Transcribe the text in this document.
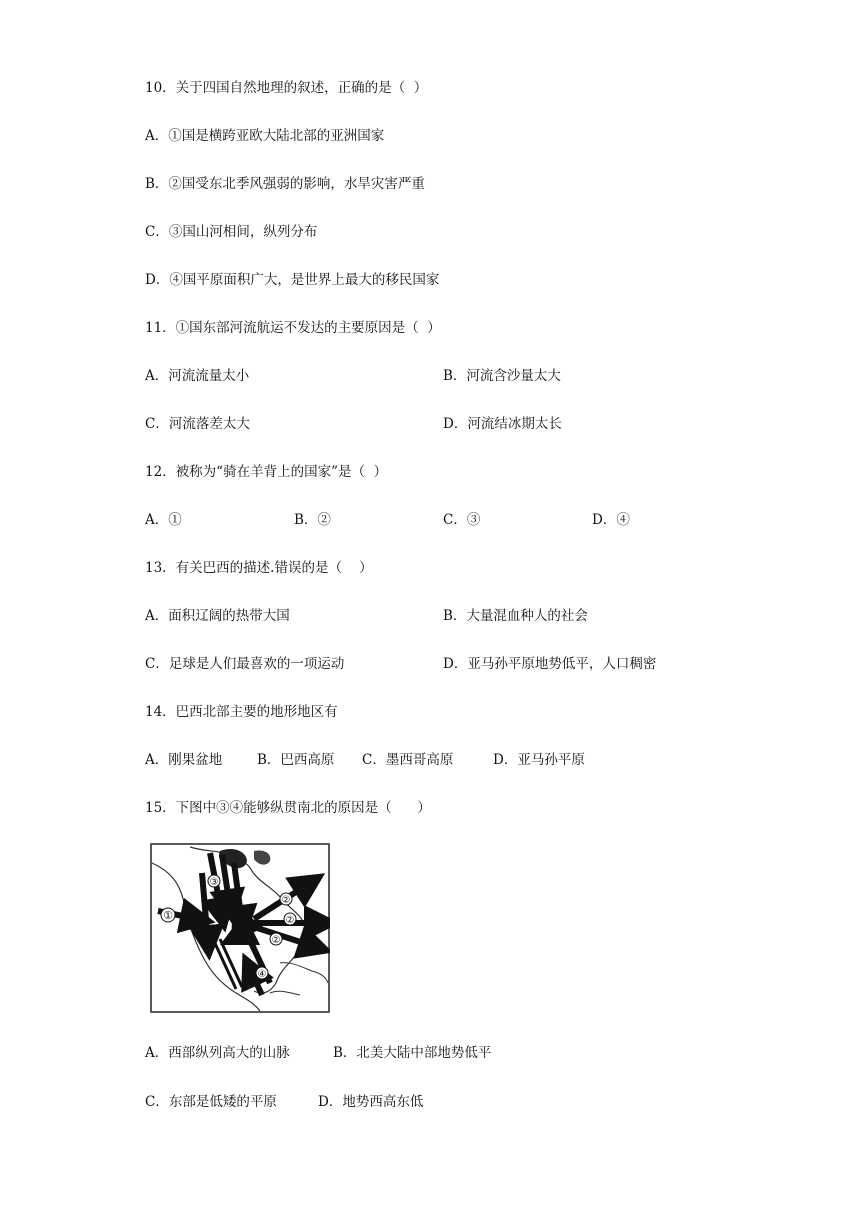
10．关于四国自然地理的叙述，正确的是（  ）
A．①国是横跨亚欧大陆北部的亚洲国家
B．②国受东北季风强弱的影响，水旱灾害严重
C．③国山河相间，纵列分布
D．④国平原面积广大，是世界上最大的移民国家
11．①国东部河流航运不发达的主要原因是（  ）
A．河流流量太小	B．河流含沙量太大
C．河流落差太大	D．河流结冰期太长
12．被称为“骑在羊背上的国家”是（  ）
A．①	B．②	C．③	D．④
13．有关巴西的描述.错误的是（    ）
A．面积辽阔的热带大国	B．大量混血种人的社会
C．足球是人们最喜欢的一项运动	D．亚马孙平原地势低平，人口稠密
14．巴西北部主要的地形地区有
A．刚果盆地	B．巴西高原 C．墨西哥高原	D．亚马孙平原
15．下图中③④能够纵贯南北的原因是（      ）
①
②
②
②
③
④
A．西部纵列高大的山脉	B．北美大陆中部地势低平
C．东部是低矮的平原	D．地势西高东低
